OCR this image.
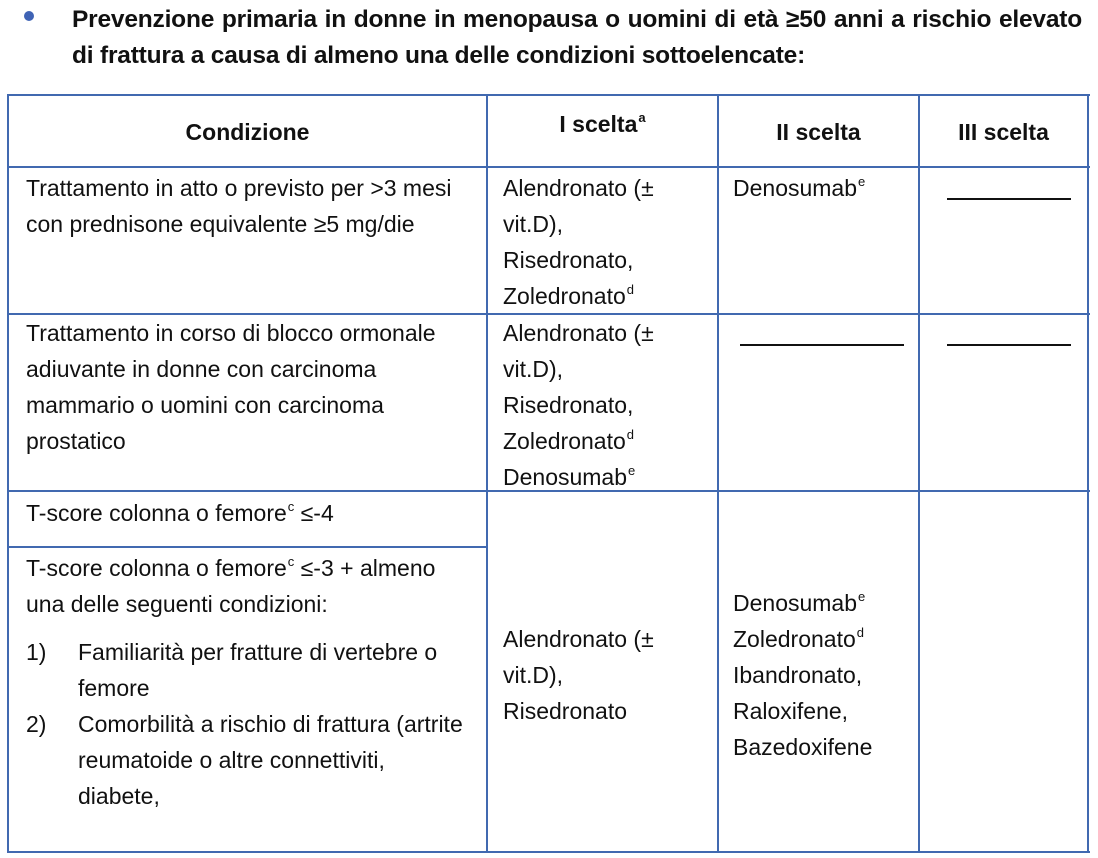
Prevenzione primaria in donne in menopausa o uomini di età ≥50 anni a rischio elevato di frattura a causa di almeno una delle condizioni sottoelencate:
Condizione	I scelta$^a$
II scelta	III scelta
Trattamento in atto o previsto per >3 mesi con prednisone equivalente ≥5 mg/die
Alendronato (±
vit.D),
Risedronato,
Zoledronato$^d$
Denosumab$^e$
Trattamento in corso di blocco ormonale adiuvante in donne con carcinoma mammario o uomini con carcinoma prostatico
Alendronato (±
vit.D),
Risedronato,
Zoledronato$^d$
Denosumab$^e$
T-score colonna o femore$^c$ ≤-4
T-score colonna o femore$^c$ ≤-3 + almeno una delle seguenti condizioni:
1) Familiarità per fratture di vertebre o femore
2) Comorbilità a rischio di frattura (artrite reumatoide o altre connettiviti, diabete,
Alendronato (±
vit.D),
Risedronato
Denosumab$^e$
Zoledronato$^d$
Ibandronato,
Raloxifene,
Bazedoxifene
